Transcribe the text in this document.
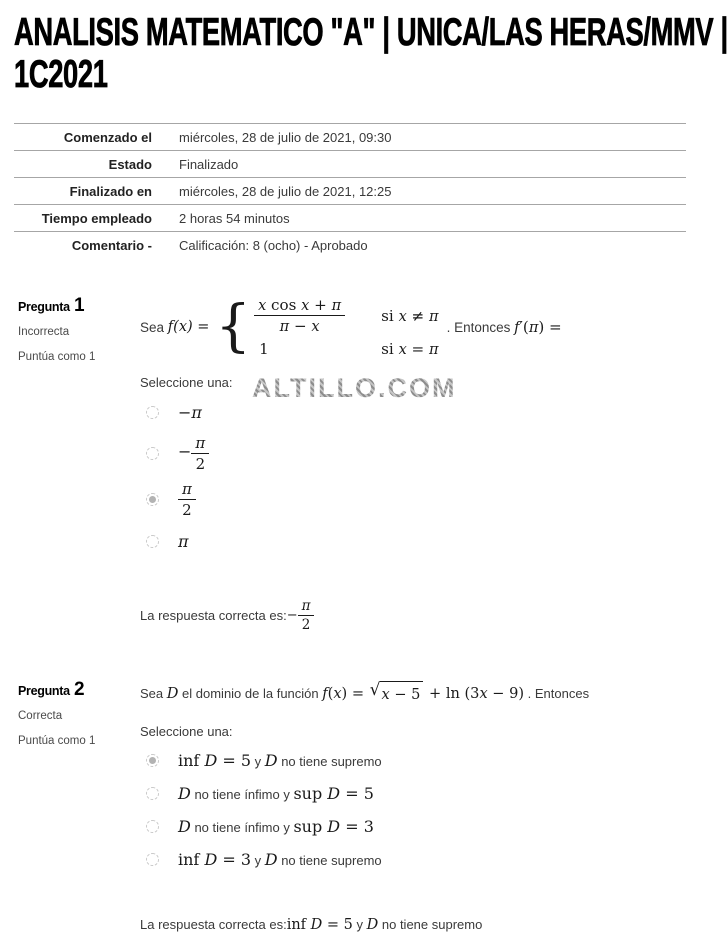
ANALISIS MATEMATICO "A" | UNICA/LAS HERAS/MMV |
1C2021
Comenzado el	miércoles, 28 de julio de 2021, 09:30
Estado	Finalizado
Finalizado en	miércoles, 28 de julio de 2021, 12:25
Tiempo empleado	2 horas 54 minutos
Comentario -	Calificación: 8 (ocho) - Aprobado
Pregunta 1
Incorrecta
Puntúa como 1
Sea
f(x) = { $\frac{\text{x cos x + π}}{\pi - x}$ si x ≠ π
1	si x = π
. Entonces f′(π) =
Seleccione una:
−π
− $\frac{\pi}{2}$
$\frac{\pi}{2}$
π
ALTILLO.COM
La respuesta correcta es: − $\frac{\pi}{2}$
Pregunta 2
Correcta
Puntúa como 1
Sea D el dominio de la función f(x) = √ x − 5 + ln (3x − 9) . Entonces
Seleccione una:
inf D = 5 y D no tiene supremo
D no tiene ínfimo y sup D = 5
D no tiene ínfimo y sup D = 3
inf D = 3 y D no tiene supremo
La respuesta correcta es: inf D = 5 y D no tiene supremo
